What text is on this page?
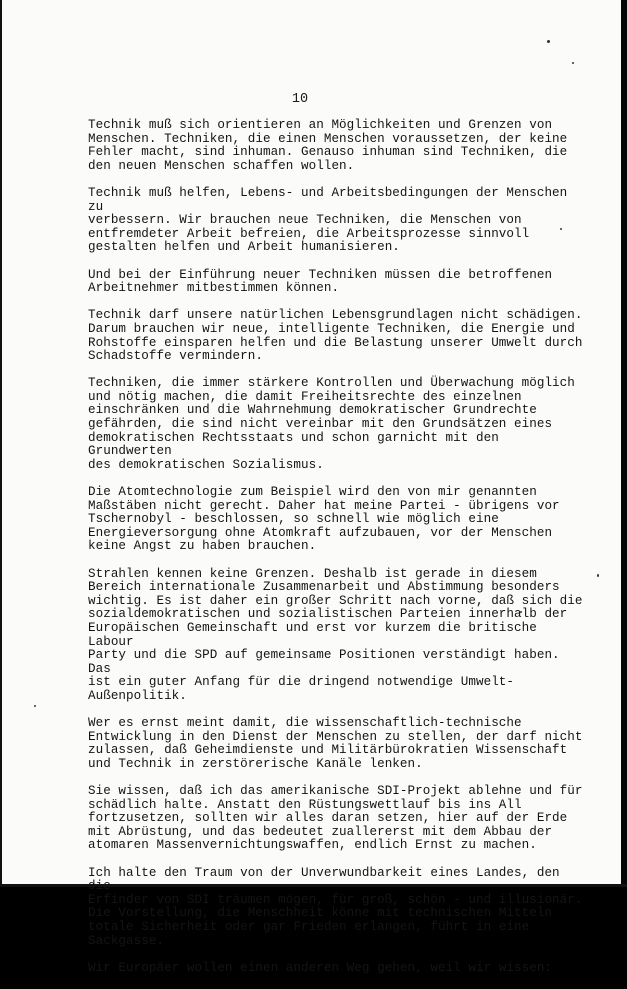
10

Technik muß sich orientieren an Möglichkeiten und Grenzen von
Menschen. Techniken, die einen Menschen voraussetzen, der keine
Fehler macht, sind inhuman. Genauso inhuman sind Techniken, die
den neuen Menschen schaffen wollen.

Technik muß helfen, Lebens- und Arbeitsbedingungen der Menschen zu
verbessern. Wir brauchen neue Techniken, die Menschen von
entfremdeter Arbeit befreien, die Arbeitsprozesse sinnvoll
gestalten helfen und Arbeit humanisieren.

Und bei der Einführung neuer Techniken müssen die betroffenen
Arbeitnehmer mitbestimmen können.

Technik darf unsere natürlichen Lebensgrundlagen nicht schädigen.
Darum brauchen wir neue, intelligente Techniken, die Energie und
Rohstoffe einsparen helfen und die Belastung unserer Umwelt durch
Schadstoffe vermindern.

Techniken, die immer stärkere Kontrollen und Überwachung möglich
und nötig machen, die damit Freiheitsrechte des einzelnen
einschränken und die Wahrnehmung demokratischer Grundrechte
gefährden, die sind nicht vereinbar mit den Grundsätzen eines
demokratischen Rechtsstaats und schon garnicht mit den Grundwerten
des demokratischen Sozialismus.

Die Atomtechnologie zum Beispiel wird den von mir genannten
Maßstäben nicht gerecht. Daher hat meine Partei - übrigens vor
Tschernobyl - beschlossen, so schnell wie möglich eine
Energieversorgung ohne Atomkraft aufzubauen, vor der Menschen
keine Angst zu haben brauchen.

Strahlen kennen keine Grenzen. Deshalb ist gerade in diesem
Bereich internationale Zusammenarbeit und Abstimmung besonders
wichtig. Es ist daher ein großer Schritt nach vorne, daß sich die
sozialdemokratischen und sozialistischen Parteien innerhalb der
Europäischen Gemeinschaft und erst vor kurzem die britische Labour
Party und die SPD auf gemeinsame Positionen verständigt haben. Das
ist ein guter Anfang für die dringend notwendige Umwelt-
Außenpolitik.

Wer es ernst meint damit, die wissenschaftlich-technische
Entwicklung in den Dienst der Menschen zu stellen, der darf nicht
zulassen, daß Geheimdienste und Militärbürokratien Wissenschaft
und Technik in zerstörerische Kanäle lenken.

Sie wissen, daß ich das amerikanische SDI-Projekt ablehne und für
schädlich halte. Anstatt den Rüstungswettlauf bis ins All
fortzusetzen, sollten wir alles daran setzen, hier auf der Erde
mit Abrüstung, und das bedeutet zuallererst mit dem Abbau der
atomaren Massenvernichtungswaffen, endlich Ernst zu machen.

Ich halte den Traum von der Unverwundbarkeit eines Landes, den die
Erfinder von SDI träumen mögen, für groß, schön - und illusionär.
Die Vorstellung, die Menschheit könne mit technischen Mitteln
totale Sicherheit oder gar Frieden erlangen, führt in eine
Sackgasse.

Wir Europäer wollen einen anderen Weg gehen, weil wir wissen:
